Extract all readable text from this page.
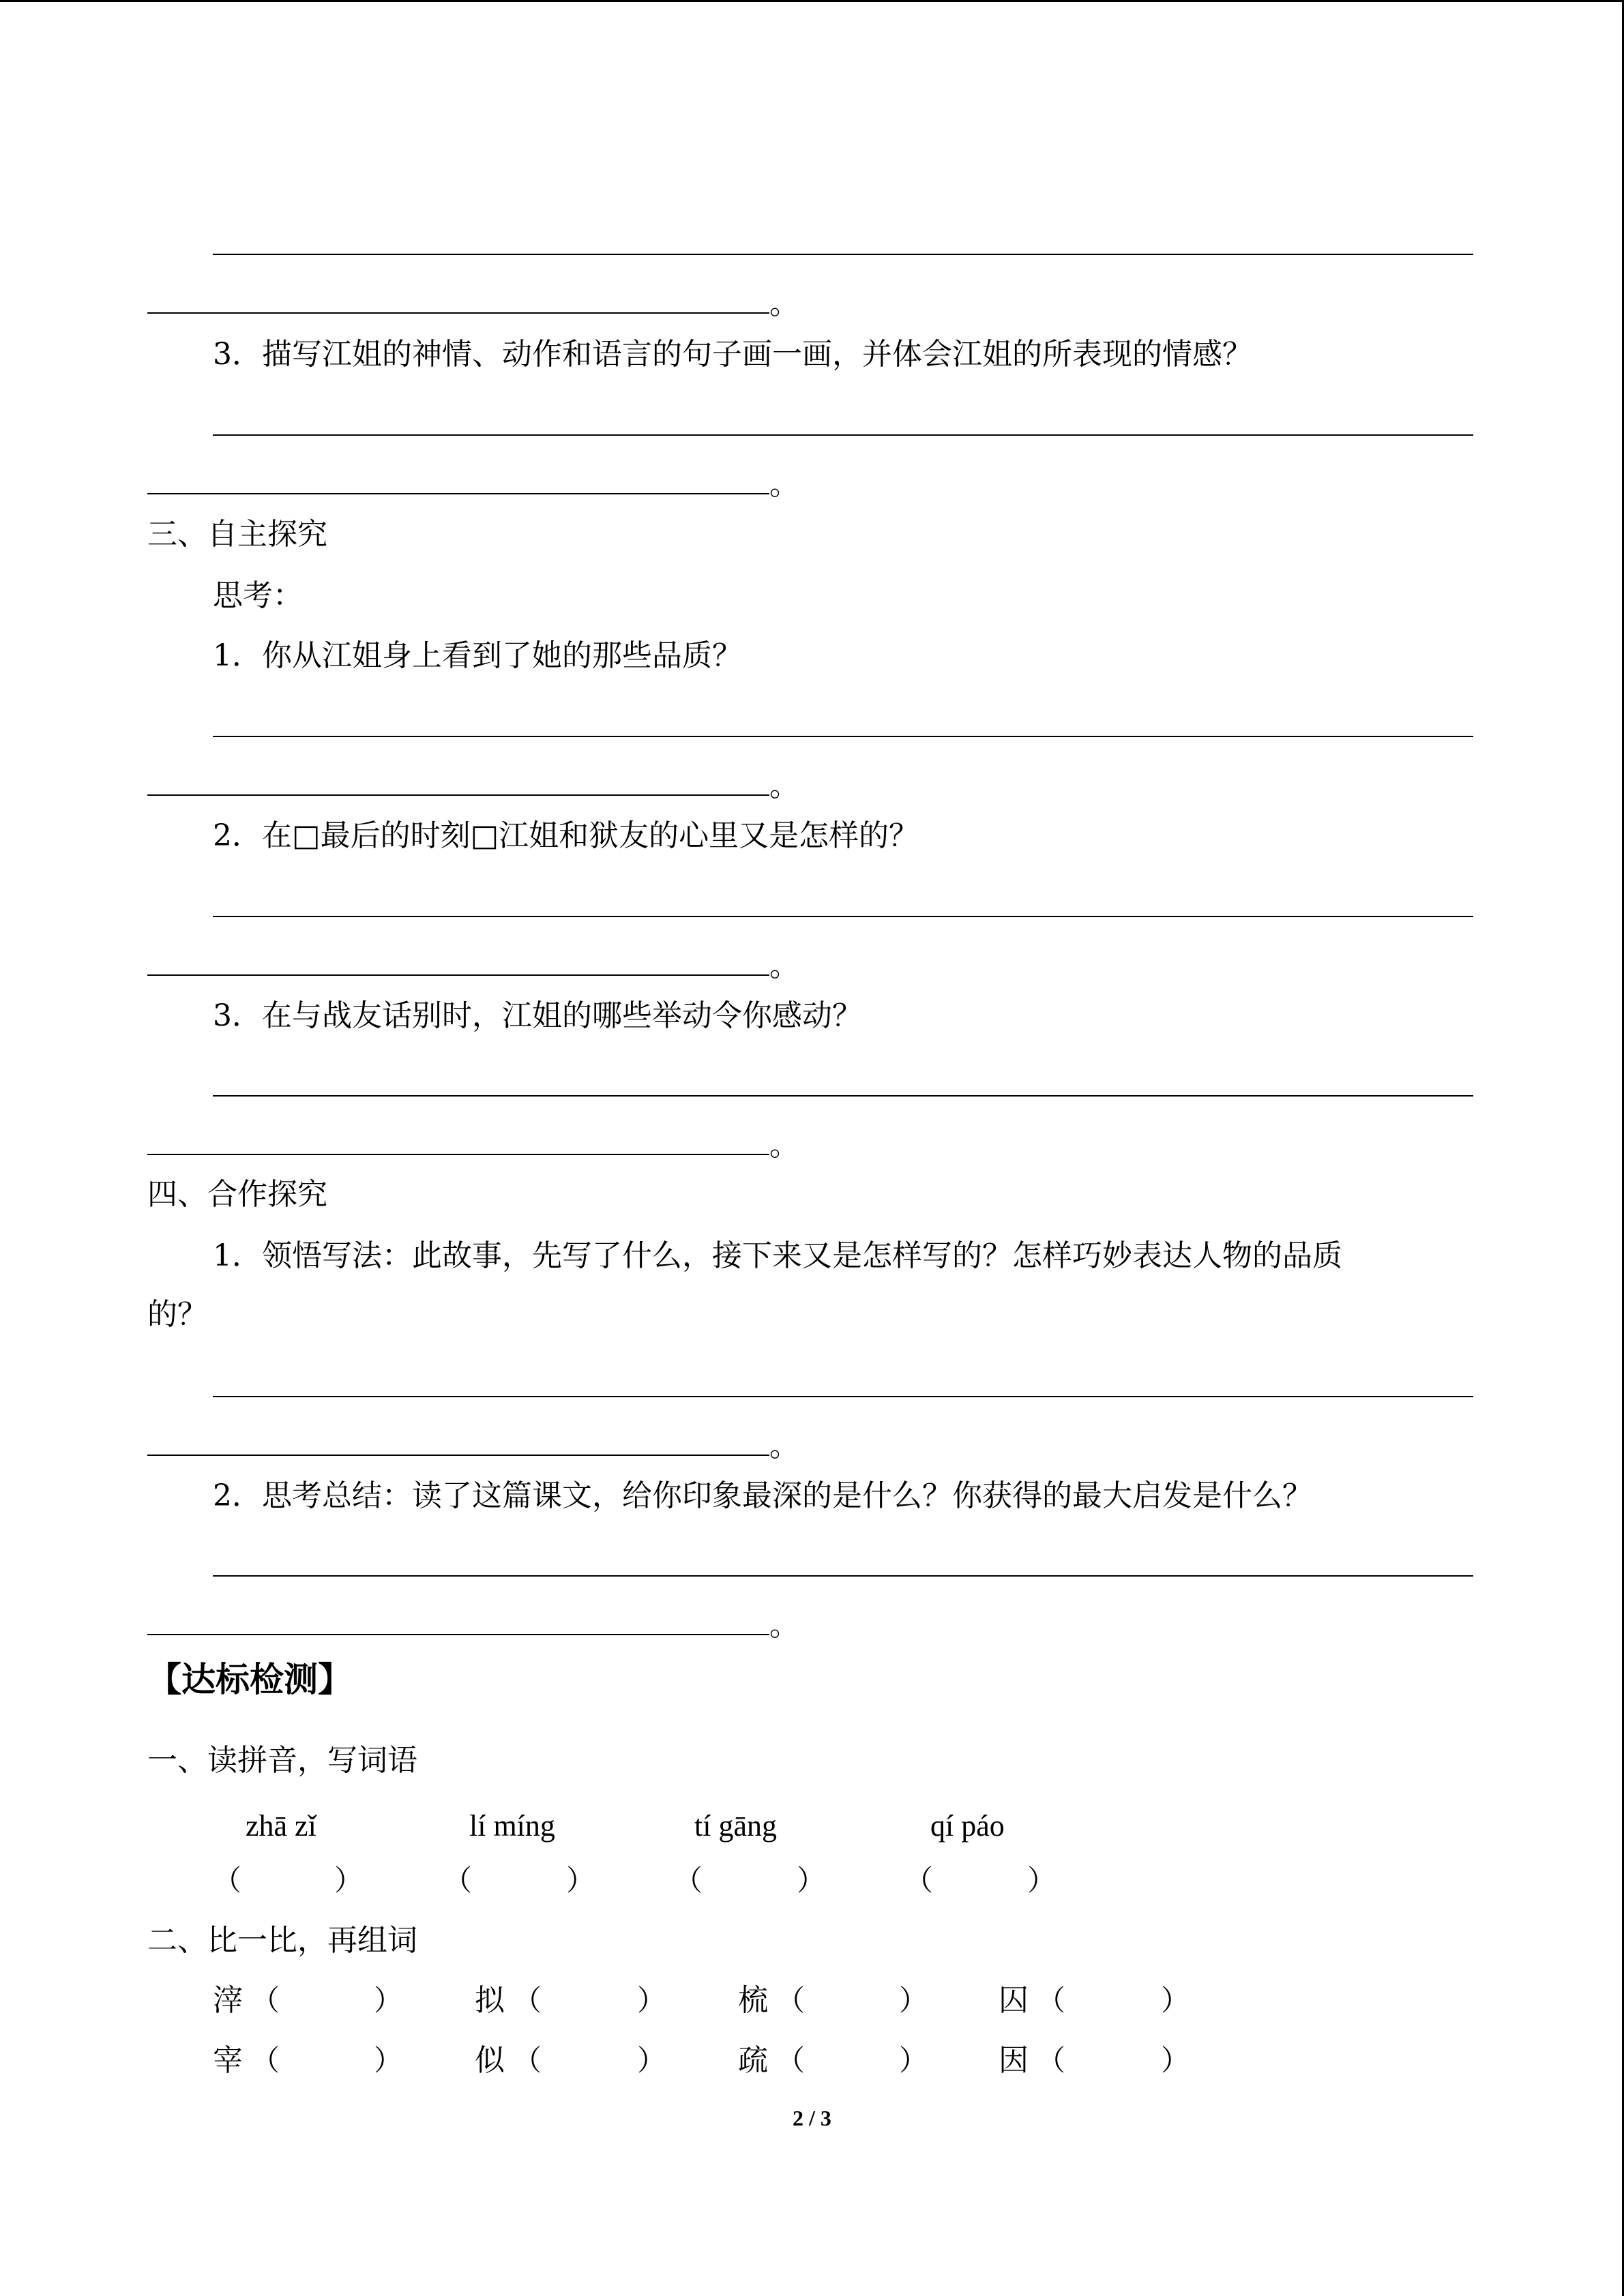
。
3．描写江姐的神情、动作和语言的句子画一画，并体会江姐的所表现的情感？
。
三、自主探究
思考：
1．你从江姐身上看到了她的那些品质？
。
2．在□最后的时刻□江姐和狱友的心里又是怎样的？
。
3．在与战友话别时，江姐的哪些举动令你感动？
。
四、合作探究
1．领悟写法：此故事，先写了什么，接下来又是怎样写的？怎样巧妙表达人物的品质
的？
。
2．思考总结：读了这篇课文，给你印象最深的是什么？你获得的最大启发是什么？
。
【达标检测】
一、读拼音，写词语
zhā zǐ	lí míng	tí gāng	qí páo
（	）	（	）	（	）	（	）
二、比一比，再组词
滓 （	） 拟 （	） 梳 （	） 囚 （	）
宰 （	） 似 （	） 疏 （	） 因 （	）
2 / 3
